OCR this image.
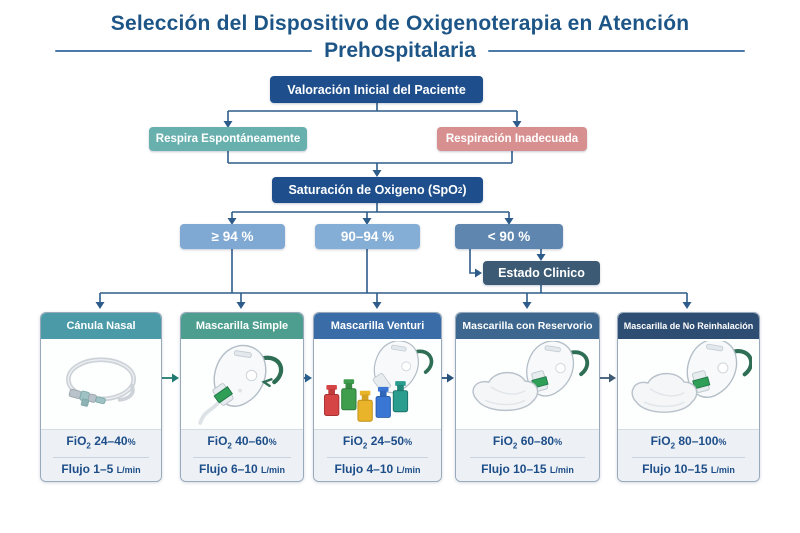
Selección del Dispositivo de Oxigenoterapia en Atención
Prehospitalaria
Valoración Inicial del Paciente
Respira Espontáneamente	Respiración Inadecuada
Saturación de Oxigeno (SpO 2 )
≥ 94 %	90–94 %	< 90 %
Estado Clinico
Cánula Nasal
FiO$_2$ 24–40%
Flujo 1–5 L/min
Mascarilla Simple
FiO$_2$ 40–60%
Flujo 6–10 L/min
Mascarilla Venturi
FiO$_2$ 24–50%
Flujo 4–10 L/min
Mascarilla con Reservorio
FiO$_2$ 60–80%
Flujo 10–15 L/min
Mascarilla de No Reinhalación
FiO$_2$ 80–100%
Flujo 10–15 L/min
